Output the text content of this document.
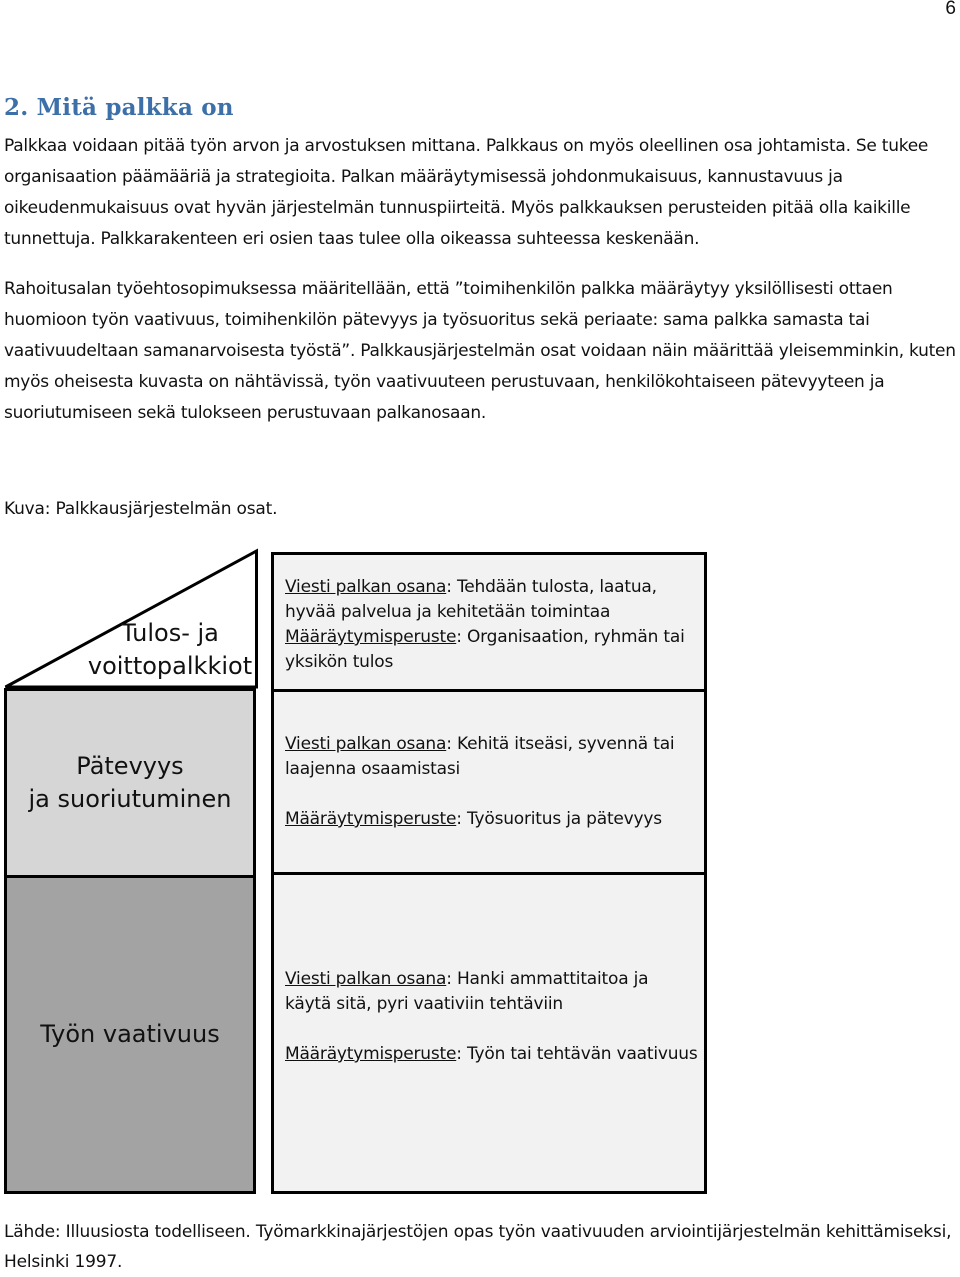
6
2. Mitä palkka on

Palkkaa voidaan pitää työn arvon ja arvostuksen mittana. Palkkaus on myös oleellinen osa johtamista. Se tukee organisaation päämääriä ja strategioita. Palkan määräytymisessä johdonmukaisuus, kannustavuus ja oikeudenmukaisuus ovat hyvän järjestelmän tunnuspiirteitä. Myös palkkauksen perusteiden pitää olla kaikille tunnettuja. Palkkarakenteen eri osien taas tulee olla oikeassa suhteessa keskenään.

Rahoitusalan työehtosopimuksessa määritellään, että ”toimihenkilön palkka määräytyy yksilöllisesti ottaen huomioon työn vaativuus, toimihenkilön pätevyys ja työsuoritus sekä periaate: sama palkka samasta tai vaativuudeltaan samanarvoisesta työstä”. Palkkausjärjestelmän osat voidaan näin määrittää yleisemminkin, kuten myös oheisesta kuvasta on nähtävissä, työn vaativuuteen perustuvaan, henkilökohtaiseen pätevyyteen ja suoriutumiseen sekä tulokseen perustuvaan palkanosaan.

Kuva: Palkkausjärjestelmän osat.

Tulos- ja
voittopalkkiot
Pätevyys
ja suoriutuminen
Työn vaativuus
Viesti palkan osana: Tehdään tulosta, laatua, hyvää palvelua ja kehitetään toimintaa
Määräytymisperuste: Organisaation, ryhmän tai yksikön tulos
Viesti palkan osana: Kehitä itseäsi, syvennä tai laajenna osaamistasi
Määräytymisperuste: Työsuoritus ja pätevyys
Viesti palkan osana: Hanki ammattitaitoa ja käytä sitä, pyri vaativiin tehtäviin
Määräytymisperuste: Työn tai tehtävän vaativuus

Lähde: Illuusiosta todelliseen. Työmarkkinajärjestöjen opas työn vaativuuden arviointijärjestelmän kehittämiseksi, Helsinki 1997.
